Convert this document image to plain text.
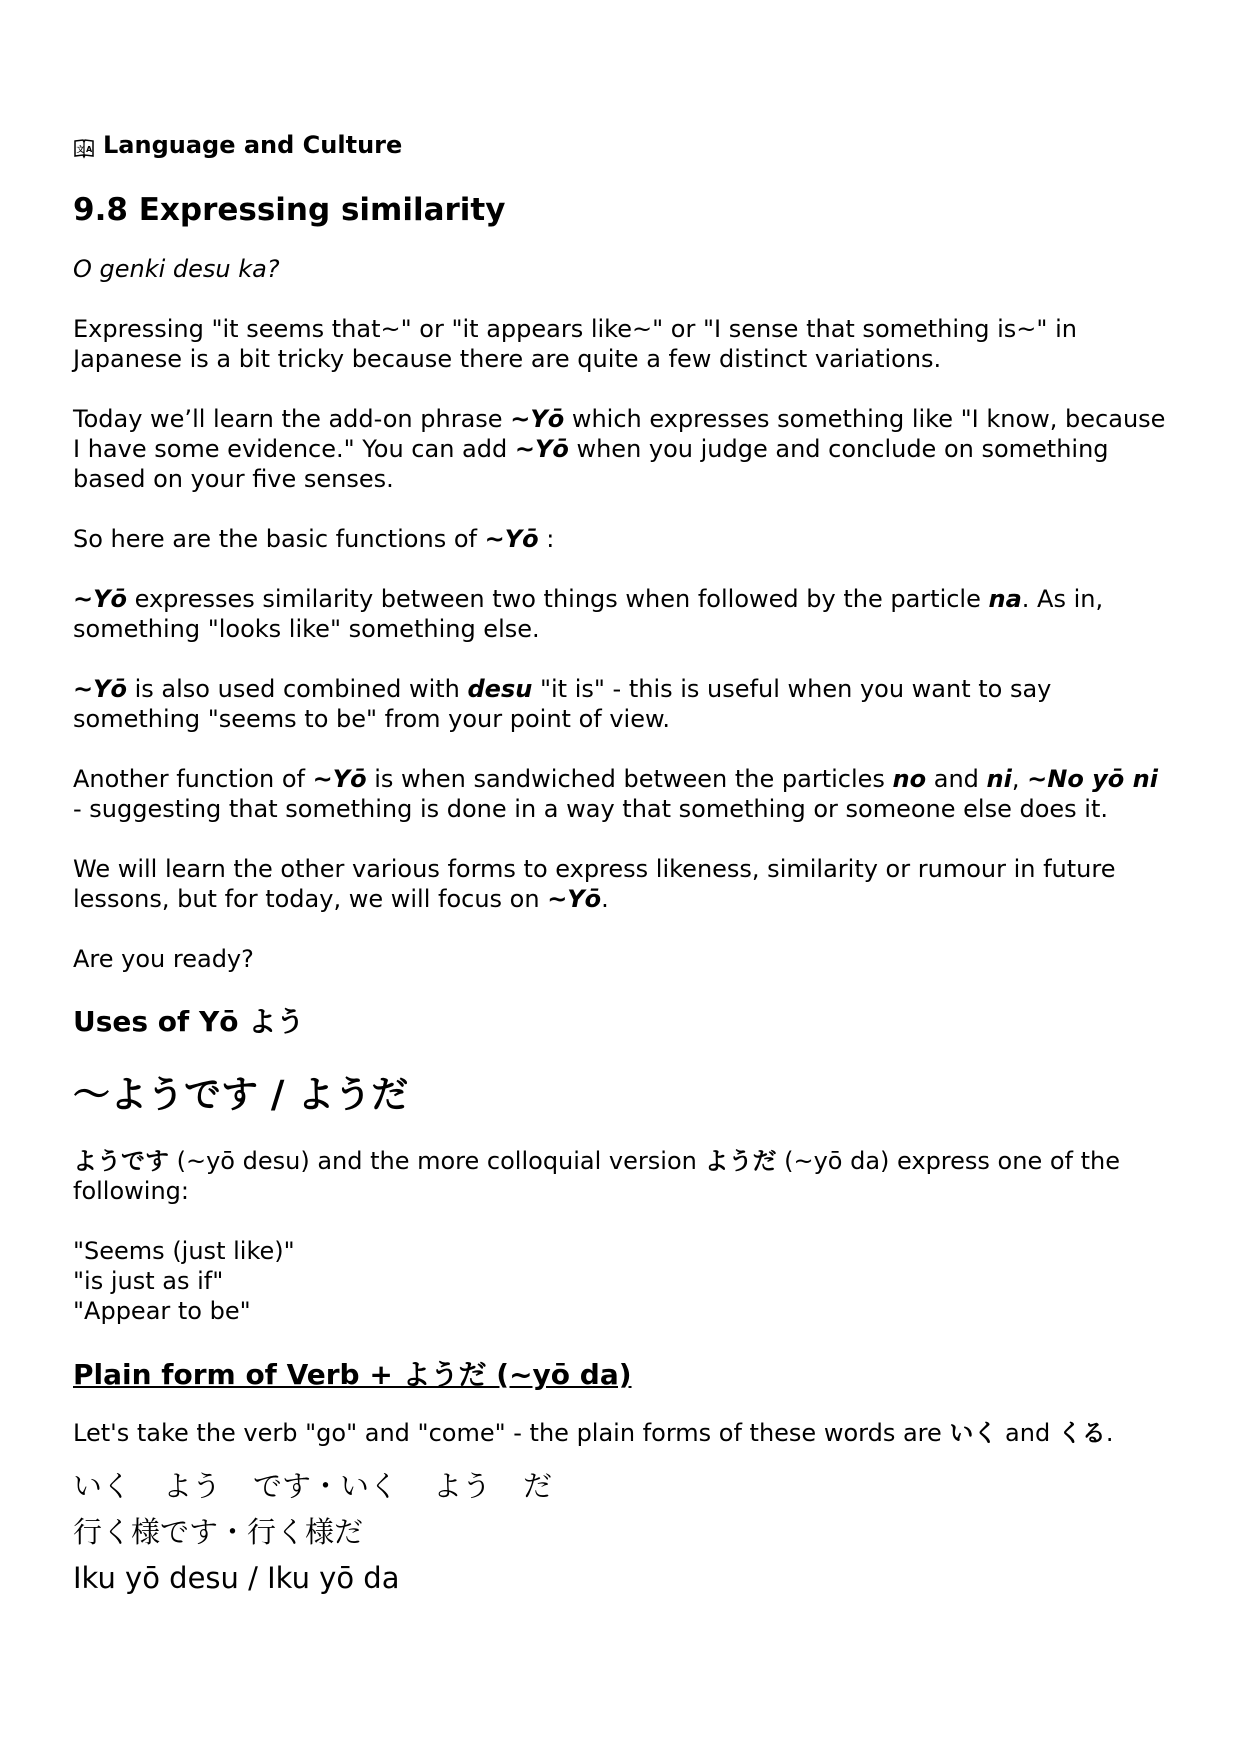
文 A Language and Culture
9.8 Expressing similarity

O genki desu ka?

Expressing "it seems that~" or "it appears like~" or "I sense that something is~" in Japanese is a bit tricky because there are quite a few distinct variations.

Today we’ll learn the add-on phrase ~Yō which expresses something like "I know, because I have some evidence." You can add ~Yō when you judge and conclude on something based on your five senses.

So here are the basic functions of ~Yō :

~Yō expresses similarity between two things when followed by the particle na. As in, something "looks like" something else.

~Yō is also used combined with desu "it is" - this is useful when you want to say something "seems to be" from your point of view.

Another function of ~Yō is when sandwiched between the particles no and ni, ~No yō ni - suggesting that something is done in a way that something or someone else does it.

We will learn the other various forms to express likeness, similarity or rumour in future lessons, but for today, we will focus on ~Yō.

Are you ready?

Uses of Yō よう
〜ようです / ようだ

ようです (~yō desu) and the more colloquial version ようだ (~yō da) express one of the following:

"Seems (just like)"

"is just as if"

"Appear to be"

Plain form of Verb + ようだ (~yō da)

Let's take the verb "go" and "come" - the plain forms of these words are いく and くる.

いく	よう	です・いく	よう	だ

行く様です・行く様だ

Iku yō desu / Iku yō da
